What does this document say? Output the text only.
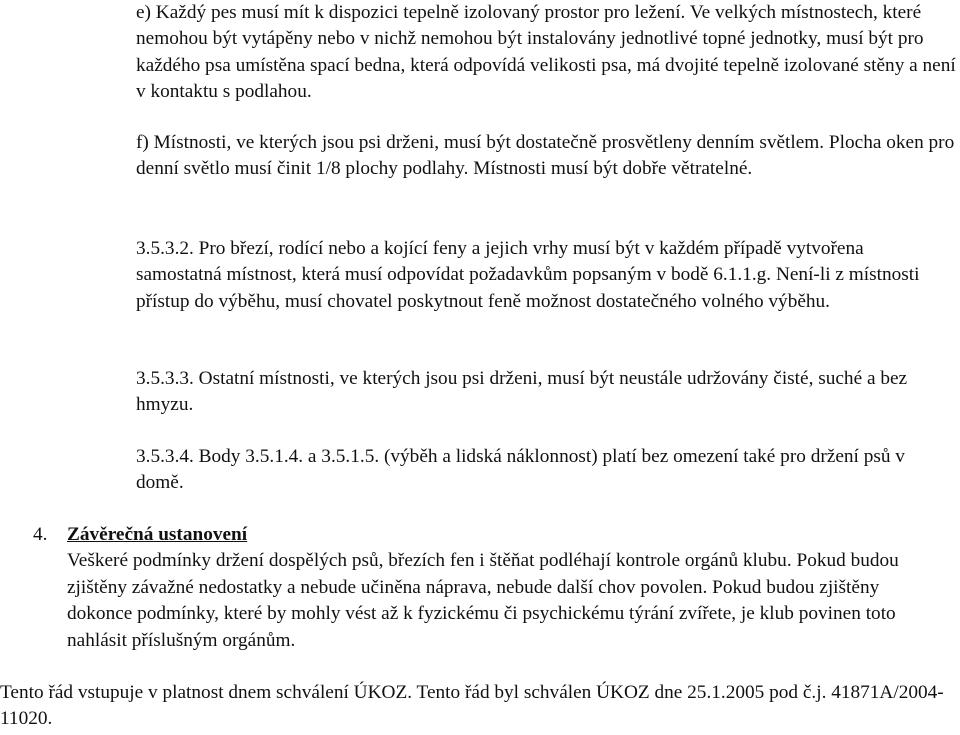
e) Každý pes musí mít k dispozici tepelně izolovaný prostor pro ležení. Ve velkých místnostech, které nemohou být vytápěny nebo v nichž nemohou být instalovány jednotlivé topné jednotky, musí být pro každého psa umístěna spací bedna, která odpovídá velikosti psa, má dvojité tepelně izolované stěny a není v kontaktu s podlahou.

f) Místnosti, ve kterých jsou psi drženi, musí být dostatečně prosvětleny denním světlem. Plocha oken pro denní světlo musí činit 1/8 plochy podlahy. Místnosti musí být dobře větratelné.

3.5.3.2. Pro březí, rodící nebo a kojící feny a jejich vrhy musí být v každém případě vytvořena samostatná místnost, která musí odpovídat požadavkům popsaným v bodě 6.1.1.g. Není-li z místnosti přístup do výběhu, musí chovatel poskytnout feně možnost dostatečného volného výběhu.

3.5.3.3. Ostatní místnosti, ve kterých jsou psi drženi, musí být neustále udržovány čisté, suché a bez hmyzu.

3.5.3.4. Body 3.5.1.4. a 3.5.1.5. (výběh a lidská náklonnost) platí bez omezení také pro držení psů v domě.

4. Závěrečná ustanovení

Veškeré podmínky držení dospělých psů, březích fen i štěňat podléhají kontrole orgánů klubu. Pokud budou zjištěny závažné nedostatky a nebude učiněna náprava, nebude další chov povolen. Pokud budou zjištěny dokonce podmínky, které by mohly vést až k fyzickému či psychickému týrání zvířete, je klub povinen toto nahlásit příslušným orgánům.

Tento řád vstupuje v platnost dnem schválení ÚKOZ. Tento řád byl schválen ÚKOZ dne 25.1.2005 pod č.j. 41871A/2004-11020.
